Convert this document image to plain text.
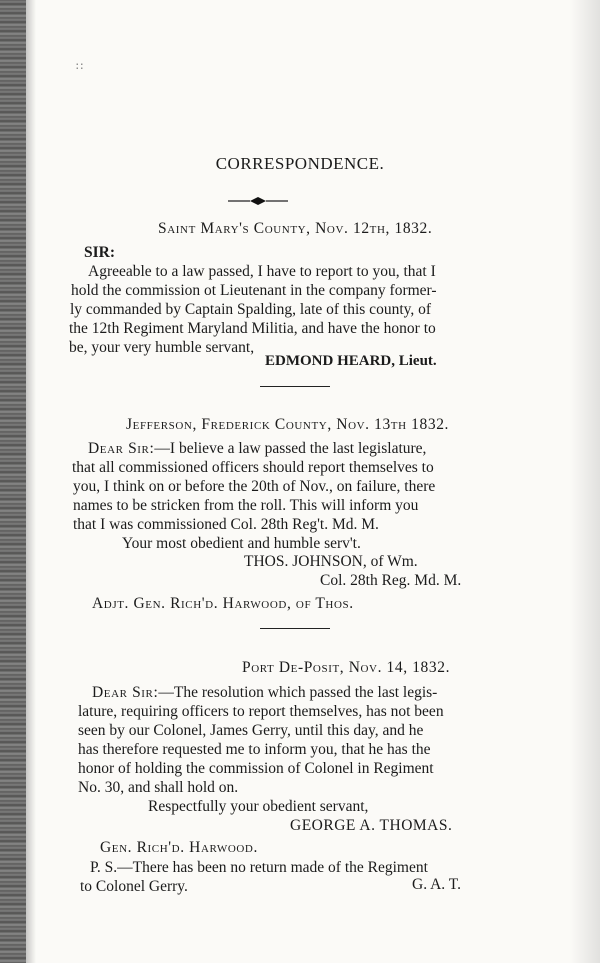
∷
CORRESPONDENCE.
Saint Mary's County, Nov. 12th, 1832.
SIR:
Agreeable to a law passed, I have to report to you, that I
hold the commission ot Lieutenant in the company former-
ly commanded by Captain Spalding, late of this county, of
the 12th Regiment Maryland Militia, and have the honor to
be, your very humble servant,
EDMOND HEARD, Lieut.
Jefferson, Frederick County, Nov. 13th 1832.
Dear Sir:—I believe a law passed the last legislature,
that all commissioned officers should report themselves to
you, I think on or before the 20th of Nov., on failure, there
names to be stricken from the roll. This will inform you
that I was commissioned Col. 28th Reg't. Md. M.
Your most obedient and humble serv't.
THOS. JOHNSON, of Wm.
Col. 28th Reg. Md. M.
Adjt. Gen. Rich'd. Harwood, of Thos.
Port De-Posit, Nov. 14, 1832.
Dear Sir:—The resolution which passed the last legis-
lature, requiring officers to report themselves, has not been
seen by our Colonel, James Gerry, until this day, and he
has therefore requested me to inform you, that he has the
honor of holding the commission of Colonel in Regiment
No. 30, and shall hold on.
Respectfully your obedient servant,
GEORGE A. THOMAS.
Gen. Rich'd. Harwood.
P. S.—There has been no return made of the Regiment
to Colonel Gerry.	G. A. T.
